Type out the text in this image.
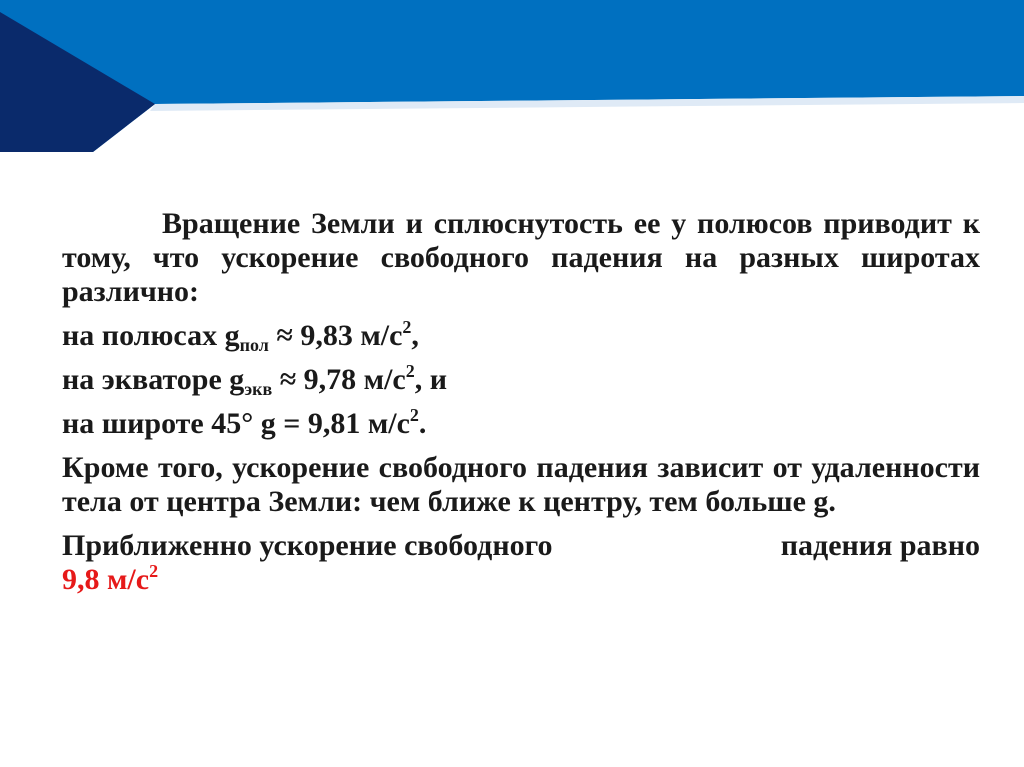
Вращение Земли и сплюснутость ее у полюсов приводит к тому, что ускорение свободного падения на разных широтах различно:

на полюсах $g_{пол} \approx 9,83$ $м/с^2$,

на экваторе $g_{экв} \approx 9,78$ $м/с^2$, и

на широте 45° g = 9,81 $м/с^2$.

Кроме того, ускорение свободного падения зависит от удаленности тела от центра Земли: чем ближе к центру, тем больше g.

Приближенно ускорение свободного	падения равно

9,8 $м/с^2$
